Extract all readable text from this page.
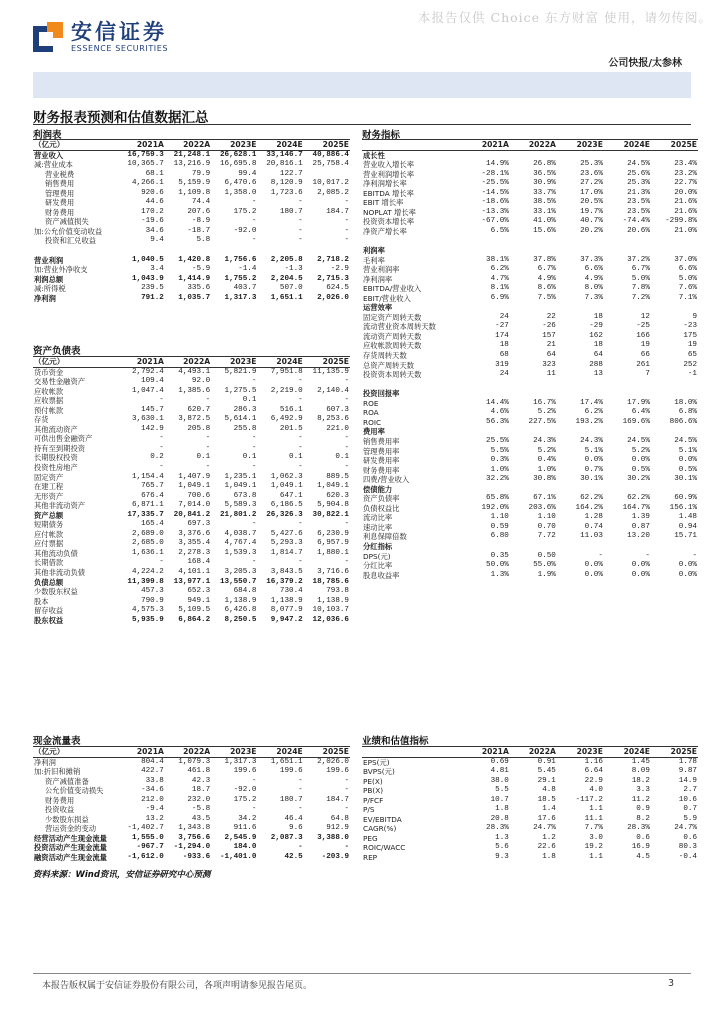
本报告仅供 Choice 东方财富 使用，请勿传阅。
安信证券
ESSENCE SECURITIES
公司快报/太参林
财务报表预测和估值数据汇总
利润表
（亿元）	2021A	2022A	2023E	2024E	2025E
营业收入	16,759.3	21,248.1	26,628.1	33,146.7	40,886.4
减:营业成本	10,365.7	13,216.9	16,695.8	20,816.1	25,758.4
营业税费	68.1	79.9	99.4	122.7	
销售费用	4,266.1	5,159.9	6,470.6	8,120.9	10,017.2
管理费用	920.6	1,109.8	1,358.0	1,723.6	2,085.2
研发费用	44.6	74.4	-	-	-
财务费用	170.2	207.6	175.2	180.7	184.7
资产减值损失	-19.6	-8.9	-	-	-
加:公允价值变动收益	34.6	-18.7	-92.0	-	-
投资和汇兑收益	9.4	5.8	-	-	-

营业利润	1,040.5	1,420.8	1,756.6	2,205.8	2,718.2
加:营业外净收支	3.4	-5.9	-1.4	-1.3	-2.9
利润总额	1,043.9	1,414.9	1,755.2	2,204.5	2,715.3
减:所得税	239.5	335.6	403.7	507.0	624.5
净利润	791.2	1,035.7	1,317.3	1,651.1	2,026.0
资产负债表
（亿元）	2021A	2022A	2023E	2024E	2025E
货币资金	2,792.4	4,493.1	5,821.9	7,951.8	11,135.9
交易性金融资产	109.4	92.0	-	-	-
应收帐款	1,047.4	1,385.6	1,275.5	2,219.0	2,140.4
应收票据	-	-	0.1	-	-
预付帐款	145.7	620.7	286.3	516.1	607.3
存货	3,630.1	3,872.5	5,614.1	6,492.9	8,253.6
其他流动资产	142.9	205.8	255.8	201.5	221.0
可供出售金融资产	-	-	-	-	-
持有至到期投资	-	-	-	-	-
长期股权投资	0.2	0.1	0.1	0.1	0.1
投资性房地产	-	-	-	-	-
固定资产	1,154.4	1,407.9	1,235.1	1,062.3	889.5
在建工程	765.7	1,049.1	1,049.1	1,049.1	1,049.1
无形资产	676.4	700.6	673.8	647.1	620.3
其他非流动资产	6,871.1	7,014.0	5,589.3	6,186.5	5,904.8
资产总额	17,335.7	20,841.2	21,801.2	26,326.3	30,822.1
短期债务	165.4	697.3	-	-	-
应付帐款	2,689.0	3,376.6	4,038.7	5,427.6	6,230.9
应付票据	2,685.0	3,355.4	4,767.4	5,293.3	6,957.9
其他流动负债	1,636.1	2,278.3	1,539.3	1,814.7	1,880.1
长期借款	-	168.4	-	-	-
其他非流动负债	4,224.2	4,101.1	3,205.3	3,843.5	3,716.6
负债总额	11,399.8	13,977.1	13,550.7	16,379.2	18,785.6
少数股东权益	457.3	652.3	684.8	730.4	793.8
股本	790.9	949.1	1,138.9	1,138.9	1,138.9
留存收益	4,575.3	5,109.5	6,426.8	8,077.9	10,103.7
股东权益	5,935.9	6,864.2	8,250.5	9,947.2	12,036.6
财务指标
	2021A	2022A	2023E	2024E	2025E
成长性					
营业收入增长率	14.9%	26.8%	25.3%	24.5%	23.4%
营业利润增长率	-28.1%	36.5%	23.6%	25.6%	23.2%
净利润增长率	-25.5%	30.9%	27.2%	25.3%	22.7%
EBITDA 增长率	-14.5%	33.7%	17.0%	21.3%	20.0%
EBIT 增长率	-18.6%	38.5%	20.5%	23.5%	21.6%
NOPLAT 增长率	-13.3%	33.1%	19.7%	23.5%	21.6%
投资资本增长率	-67.0%	41.0%	40.7%	-74.4%	-299.8%
净资产增长率	6.5%	15.6%	20.2%	20.6%	21.0%

利润率					
毛利率	38.1%	37.8%	37.3%	37.2%	37.0%
营业利润率	6.2%	6.7%	6.6%	6.7%	6.6%
净利润率	4.7%	4.9%	4.9%	5.0%	5.0%
EBITDA/营业收入	8.1%	8.6%	8.0%	7.8%	7.6%
EBIT/营业收入	6.9%	7.5%	7.3%	7.2%	7.1%
运营效率					
固定资产周转天数	24	22	18	12	9
流动营业资本周转天数	-27	-26	-29	-25	-23
流动资产周转天数	174	157	162	166	175
应收帐款周转天数	18	21	18	19	19
存货周转天数	68	64	64	66	65
总资产周转天数	319	323	288	261	252
投资资本周转天数	24	11	13	7	-1

投资回报率					
ROE	14.4%	16.7%	17.4%	17.9%	18.0%
ROA	4.6%	5.2%	6.2%	6.4%	6.8%
ROIC	56.3%	227.5%	193.2%	169.6%	806.6%
费用率					
销售费用率	25.5%	24.3%	24.3%	24.5%	24.5%
管理费用率	5.5%	5.2%	5.1%	5.2%	5.1%
研发费用率	0.3%	0.4%	0.0%	0.0%	0.0%
财务费用率	1.0%	1.0%	0.7%	0.5%	0.5%
四费/营业收入	32.2%	30.8%	30.1%	30.2%	30.1%
偿债能力					
资产负债率	65.8%	67.1%	62.2%	62.2%	60.9%
负债权益比	192.0%	203.6%	164.2%	164.7%	156.1%
流动比率	1.10	1.10	1.28	1.39	1.48
速动比率	0.59	0.70	0.74	0.87	0.94
利息保障倍数	6.80	7.72	11.03	13.20	15.71
分红指标					
DPS(元)	0.35	0.50	-	-	-
分红比率	50.0%	55.0%	0.0%	0.0%	0.0%
股息收益率	1.3%	1.9%	0.0%	0.0%	0.0%
现金流量表
（亿元）	2021A	2022A	2023E	2024E	2025E
净利润	804.4	1,079.3	1,317.3	1,651.1	2,026.0
加:折旧和摊销	422.7	461.8	199.6	199.6	199.6
资产减值准备	33.8	42.3	-	-	-
公允价值变动损失	-34.6	18.7	-92.0	-	-
财务费用	212.0	232.0	175.2	180.7	184.7
投资收益	-9.4	-5.8	-	-	-
少数股东损益	13.2	43.5	34.2	46.4	64.8
营运资金的变动	-1,402.7	1,343.8	911.6	9.6	912.9
经营活动产生现金流量	1,555.0	3,756.6	2,545.9	2,087.3	3,388.0
投资活动产生现金流量	-967.7	-1,294.0	184.0	-	-
融资活动产生现金流量	-1,612.0	-933.6	-1,401.0	42.5	-203.9
业绩和估值指标
	2021A	2022A	2023E	2024E	2025E
EPS(元)	0.69	0.91	1.16	1.45	1.78
BVPS(元)	4.81	5.45	6.64	8.09	9.87
PE(X)	38.0	29.1	22.9	18.2	14.9
PB(X)	5.5	4.8	4.0	3.3	2.7
P/FCF	10.7	18.5	-117.2	11.2	10.6
P/S	1.8	1.4	1.1	0.9	0.7
EV/EBITDA	20.8	17.6	11.1	8.2	5.9
CAGR(%)	28.3%	24.7%	7.7%	28.3%	24.7%
PEG	1.3	1.2	3.0	0.6	0.6
ROIC/WACC	5.6	22.6	19.2	16.9	80.3
REP	9.3	1.8	1.1	4.5	-0.4
资料来源：Wind资讯，安信证券研究中心预测
本报告版权属于安信证券股份有限公司，各项声明请参见报告尾页。	3
